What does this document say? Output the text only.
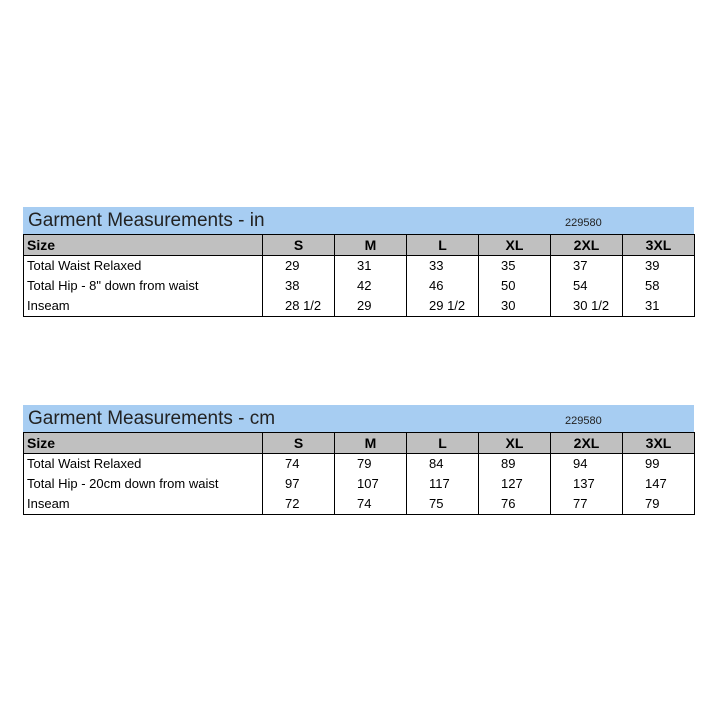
Garment Measurements - in	229580
Size	S	M	L	XL	2XL	3XL
Total Waist Relaxed	29	31	33	35	37	39
Total Hip - 8" down from waist	38	42	46	50	54	58
Inseam	28 1/2	29	29 1/2	30	30 1/2	31
Garment Measurements - cm	229580
Size	S	M	L	XL	2XL	3XL
Total Waist Relaxed	74	79	84	89	94	99
Total Hip - 20cm down from waist	97	107	117	127	137	147
Inseam	72	74	75	76	77	79
